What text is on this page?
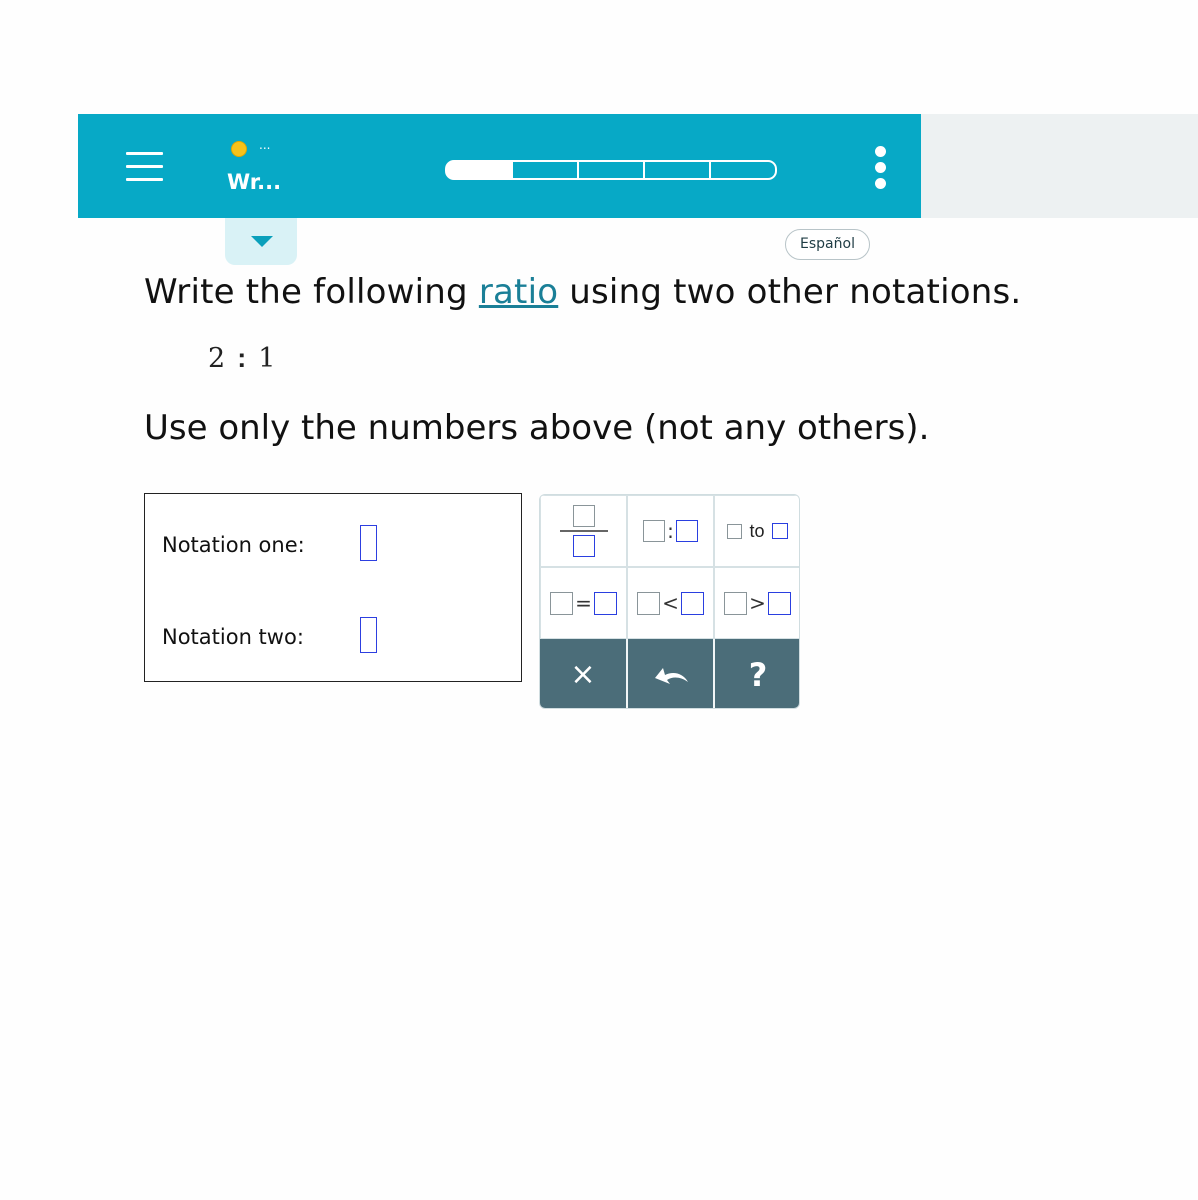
...
Wr...
Español
Write the following ratio using two other notations.
2 : 1
Use only the numbers above (not any others).
Notation one:
Notation two:
:	to
=	<	>
×	?
